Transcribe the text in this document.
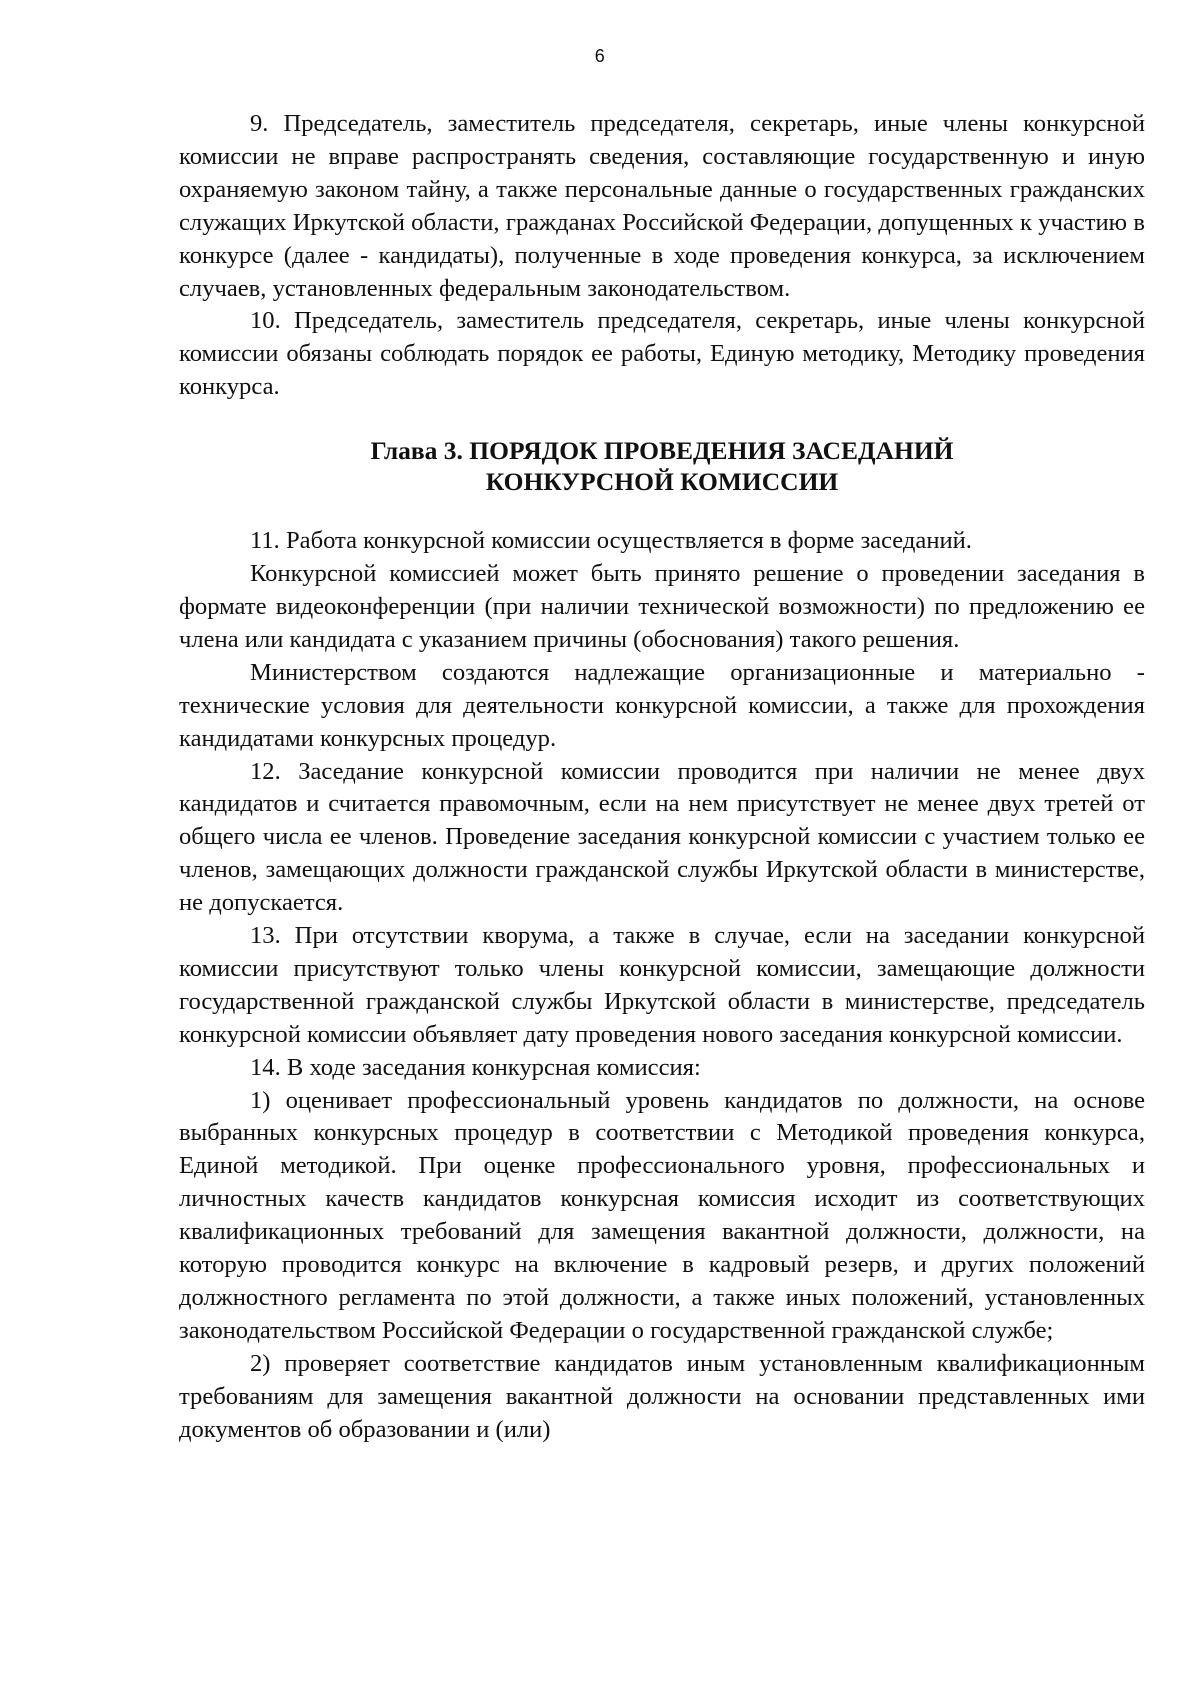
6

9. Председатель, заместитель председателя, секретарь, иные члены конкурсной комиссии не вправе распространять сведения, составляющие государственную и иную охраняемую законом тайну, а также персональные данные о государственных гражданских служащих Иркутской области, гражданах Российской Федерации, допущенных к участию в конкурсе (далее - кандидаты), полученные в ходе проведения конкурса, за исключением случаев, установленных федеральным законодательством.

10. Председатель, заместитель председателя, секретарь, иные члены конкурсной комиссии обязаны соблюдать порядок ее работы, Единую методику, Методику проведения конкурса.

Глава 3. ПОРЯДОК ПРОВЕДЕНИЯ ЗАСЕДАНИЙ
КОНКУРСНОЙ КОМИССИИ

11. Работа конкурсной комиссии осуществляется в форме заседаний.

Конкурсной комиссией может быть принято решение о проведении заседания в формате видеоконференции (при наличии технической возможности) по предложению ее члена или кандидата с указанием причины (обоснования) такого решения.

Министерством создаются надлежащие организационные и материально - технические условия для деятельности конкурсной комиссии, а также для прохождения кандидатами конкурсных процедур.

12. Заседание конкурсной комиссии проводится при наличии не менее двух кандидатов и считается правомочным, если на нем присутствует не менее двух третей от общего числа ее членов. Проведение заседания конкурсной комиссии с участием только ее членов, замещающих должности гражданской службы Иркутской области в министерстве, не допускается.

13. При отсутствии кворума, а также в случае, если на заседании конкурсной комиссии присутствуют только члены конкурсной комиссии, замещающие должности государственной гражданской службы Иркутской области в министерстве, председатель конкурсной комиссии объявляет дату проведения нового заседания конкурсной комиссии.

14. В ходе заседания конкурсная комиссия:

1) оценивает профессиональный уровень кандидатов по должности, на основе выбранных конкурсных процедур в соответствии с Методикой проведения конкурса, Единой методикой. При оценке профессионального уровня, профессиональных и личностных качеств кандидатов конкурсная комиссия исходит из соответствующих квалификационных требований для замещения вакантной должности, должности, на которую проводится конкурс на включение в кадровый резерв, и других положений должностного регламента по этой должности, а также иных положений, установленных законодательством Российской Федерации о государственной гражданской службе;

2) проверяет соответствие кандидатов иным установленным квалификационным требованиям для замещения вакантной должности на основании представленных ими документов об образовании и (или)
